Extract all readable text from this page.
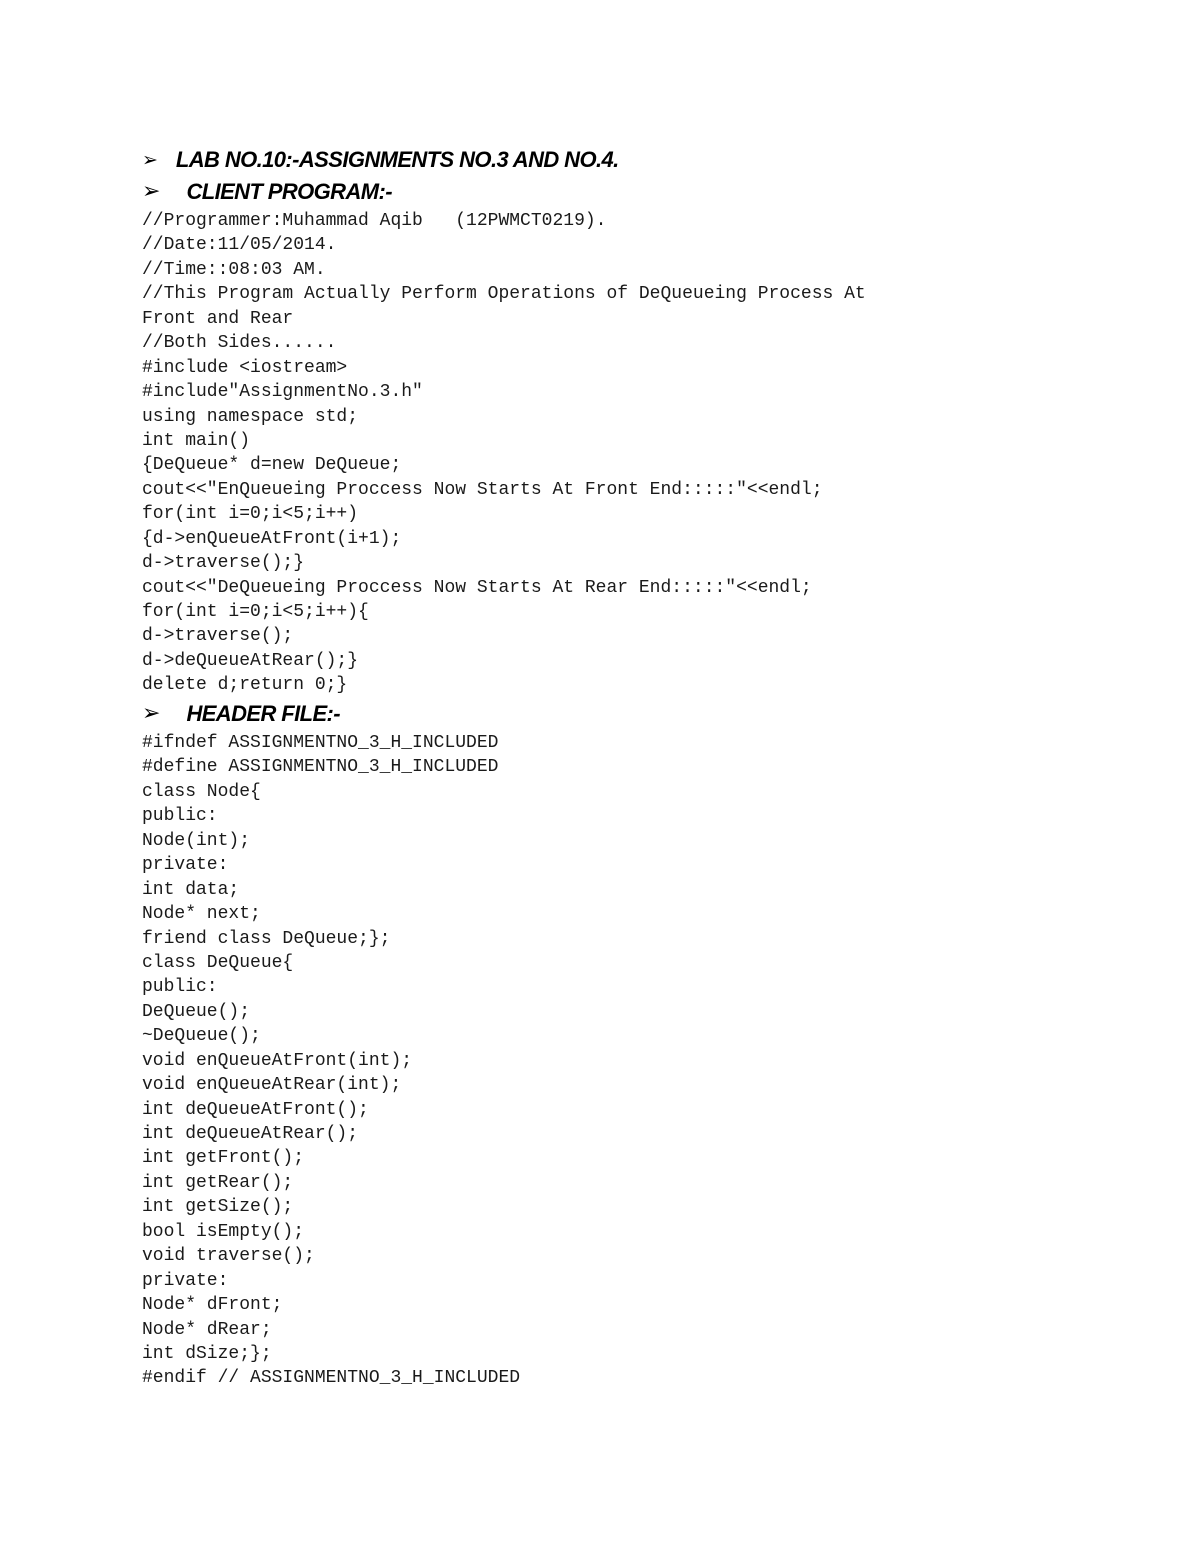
➢ LAB NO.10:-ASSIGNMENTS NO.3 AND NO.4.
➢ CLIENT PROGRAM:-
//Programmer:Muhammad Aqib   (12PWMCT0219).
//Date:11/05/2014.
//Time::08:03 AM.
//This Program Actually Perform Operations of DeQueueing Process At
Front and Rear
//Both Sides......
#include <iostream>
#include"AssignmentNo.3.h"
using namespace std;
int main()
{DeQueue* d=new DeQueue;
cout<<"EnQueueing Proccess Now Starts At Front End:::::"<<endl;
for(int i=0;i<5;i++)
{d->enQueueAtFront(i+1);
d->traverse();}
cout<<"DeQueueing Proccess Now Starts At Rear End:::::"<<endl;
for(int i=0;i<5;i++){
d->traverse();
d->deQueueAtRear();}
delete d;return 0;}
➢ HEADER FILE:-
#ifndef ASSIGNMENTNO_3_H_INCLUDED
#define ASSIGNMENTNO_3_H_INCLUDED
class Node{
public:
Node(int);
private:
int data;
Node* next;
friend class DeQueue;};
class DeQueue{
public:
DeQueue();
~DeQueue();
void enQueueAtFront(int);
void enQueueAtRear(int);
int deQueueAtFront();
int deQueueAtRear();
int getFront();
int getRear();
int getSize();
bool isEmpty();
void traverse();
private:
Node* dFront;
Node* dRear;
int dSize;};
#endif // ASSIGNMENTNO_3_H_INCLUDED
